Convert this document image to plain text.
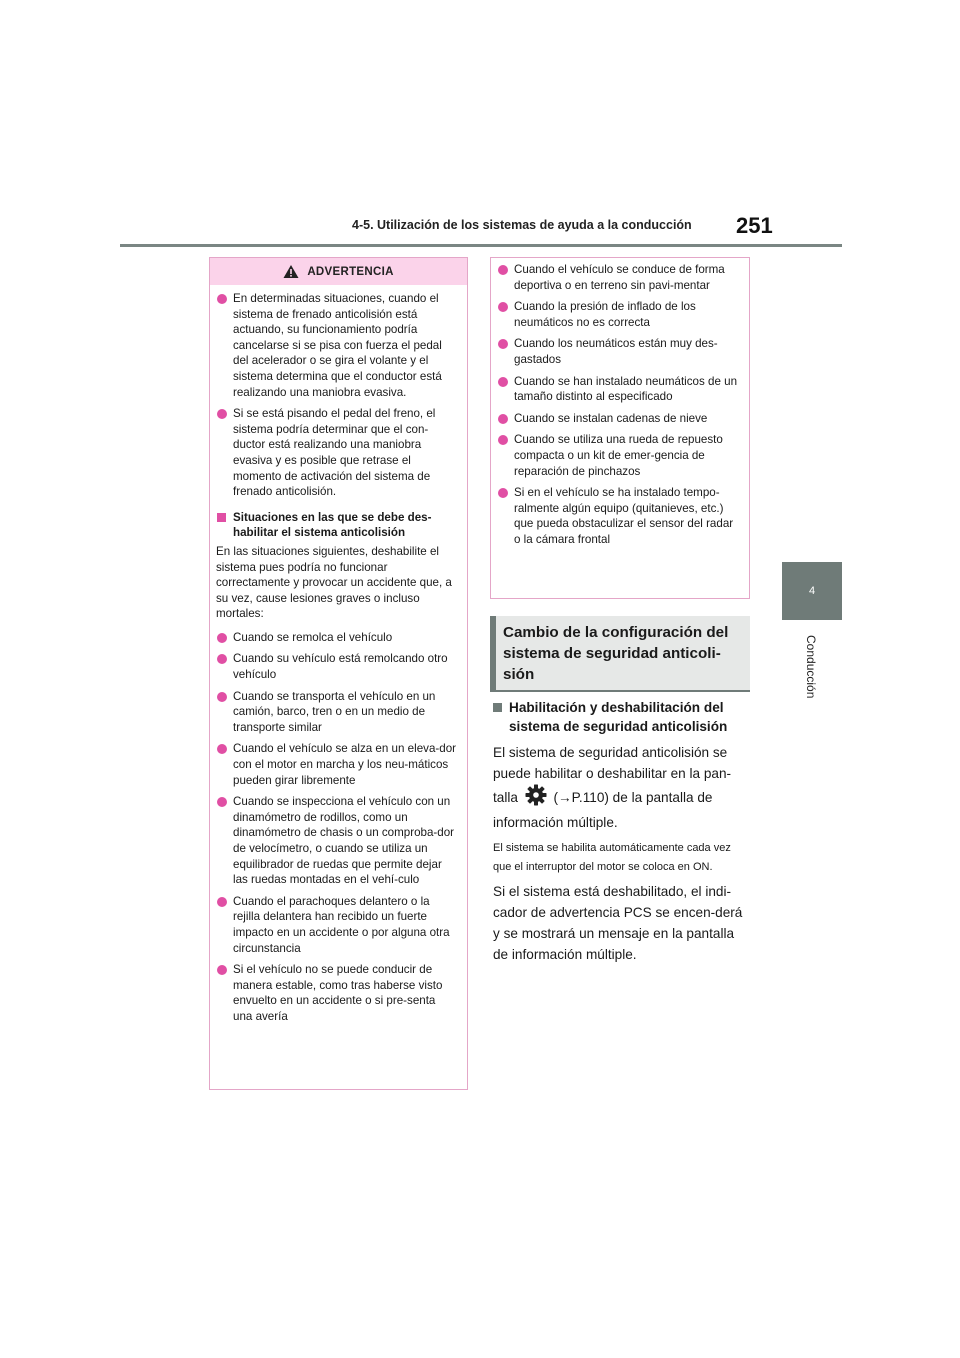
4-5. Utilización de los sistemas de ayuda a la conducción 251
4
Conducción
ADVERTENCIA
En determinadas situaciones, cuando el sistema de frenado anticolisión está actuando, su funcionamiento podría cancelarse si se pisa con fuerza el pedal del acelerador o se gira el volante y el sistema determina que el conductor está realizando una maniobra evasiva.
Si se está pisando el pedal del freno, el sistema podría determinar que el con-ductor está realizando una maniobra evasiva y es posible que retrase el momento de activación del sistema de frenado anticolisión.
Situaciones en las que se debe des-habilitar el sistema anticolisión

En las situaciones siguientes, deshabilite el sistema pues podría no funcionar correctamente y provocar un accidente que, a su vez, cause lesiones graves o incluso mortales:

Cuando se remolca el vehículo
Cuando su vehículo está remolcando otro vehículo
Cuando se transporta el vehículo en un camión, barco, tren o en un medio de transporte similar
Cuando el vehículo se alza en un eleva-dor con el motor en marcha y los neu-máticos pueden girar libremente
Cuando se inspecciona el vehículo con un dinamómetro de rodillos, como un dinamómetro de chasis o un comproba-dor de velocímetro, o cuando se utiliza un equilibrador de ruedas que permite dejar las ruedas montadas en el vehí-culo
Cuando el parachoques delantero o la rejilla delantera han recibido un fuerte impacto en un accidente o por alguna otra circunstancia
Si el vehículo no se puede conducir de manera estable, como tras haberse visto envuelto en un accidente o si pre-senta una avería
Cuando el vehículo se conduce de forma deportiva o en terreno sin pavi-mentar
Cuando la presión de inflado de los neumáticos no es correcta
Cuando los neumáticos están muy des-gastados
Cuando se han instalado neumáticos de un tamaño distinto al especificado
Cuando se instalan cadenas de nieve
Cuando se utiliza una rueda de repuesto compacta o un kit de emer-gencia de reparación de pinchazos
Si en el vehículo se ha instalado tempo-ralmente algún equipo (quitanieves, etc.) que pueda obstaculizar el sensor del radar o la cámara frontal
Cambio de la configuración del sistema de seguridad anticoli-sión
Habilitación y deshabilitación del sistema de seguridad anticolisión

El sistema de seguridad anticolisión se puede habilitar o deshabilitar en la pan-talla	(→P.110) de la pantalla de información múltiple.

El sistema se habilita automáticamente cada vez que el interruptor del motor se coloca en ON.

Si el sistema está deshabilitado, el indi-cador de advertencia PCS se encen-derá y se mostrará un mensaje en la pantalla de información múltiple.
